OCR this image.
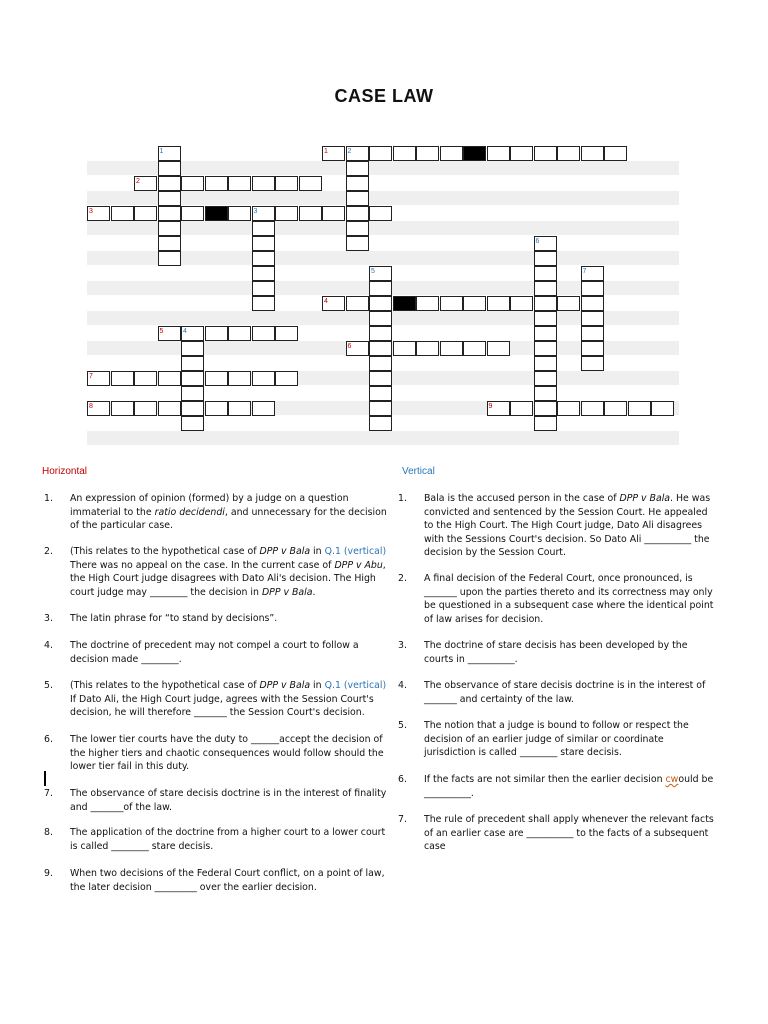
CASE LAW
1	2
2
3	3
4
5	4
6
7
8	9
1
5
6
7
Horizontal	Vertical
1. An expression of opinion (formed) by a judge on a question immaterial to the ratio decidendi, and unnecessary for the decision of the particular case.
2. (This relates to the hypothetical case of DPP v Bala in Q.1 (vertical) There was no appeal on the case. In the current case of DPP v Abu, the High Court judge disagrees with Dato Ali's decision. The High court judge may ________ the decision in DPP v Bala.
3. The latin phrase for “to stand by decisions”.
4. The doctrine of precedent may not compel a court to follow a decision made ________.
5. (This relates to the hypothetical case of DPP v Bala in Q.1 (vertical) If Dato Ali, the High Court judge, agrees with the Session Court's decision, he will therefore _______ the Session Court's decision.
6. The lower tier courts have the duty to ______accept the decision of the higher tiers and chaotic consequences would follow should the lower tier fail in this duty.
7. The observance of stare decisis doctrine is in the interest of finality and _______of the law.
8. The application of the doctrine from a higher court to a lower court is called ________ stare decisis.
9. When two decisions of the Federal Court conflict, on a point of law, the later decision _________ over the earlier decision.
1. Bala is the accused person in the case of DPP v Bala. He was convicted and sentenced by the Session Court. He appealed to the High Court. The High Court judge, Dato Ali disagrees with the Sessions Court's decision. So Dato Ali __________ the decision by the Session Court.
2. A final decision of the Federal Court, once pronounced, is _______ upon the parties thereto and its correctness may only be questioned in a subsequent case where the identical point of law arises for decision.
3. The doctrine of stare decisis has been developed by the courts in __________.
4. The observance of stare decisis doctrine is in the interest of _______ and certainty of the law.
5. The notion that a judge is bound to follow or respect the decision of an earlier judge of similar or coordinate jurisdiction is called ________ stare decisis.
6. If the facts are not similar then the earlier decision cwould be __________.
7. The rule of precedent shall apply whenever the relevant facts of an earlier case are __________ to the facts of a subsequent case
